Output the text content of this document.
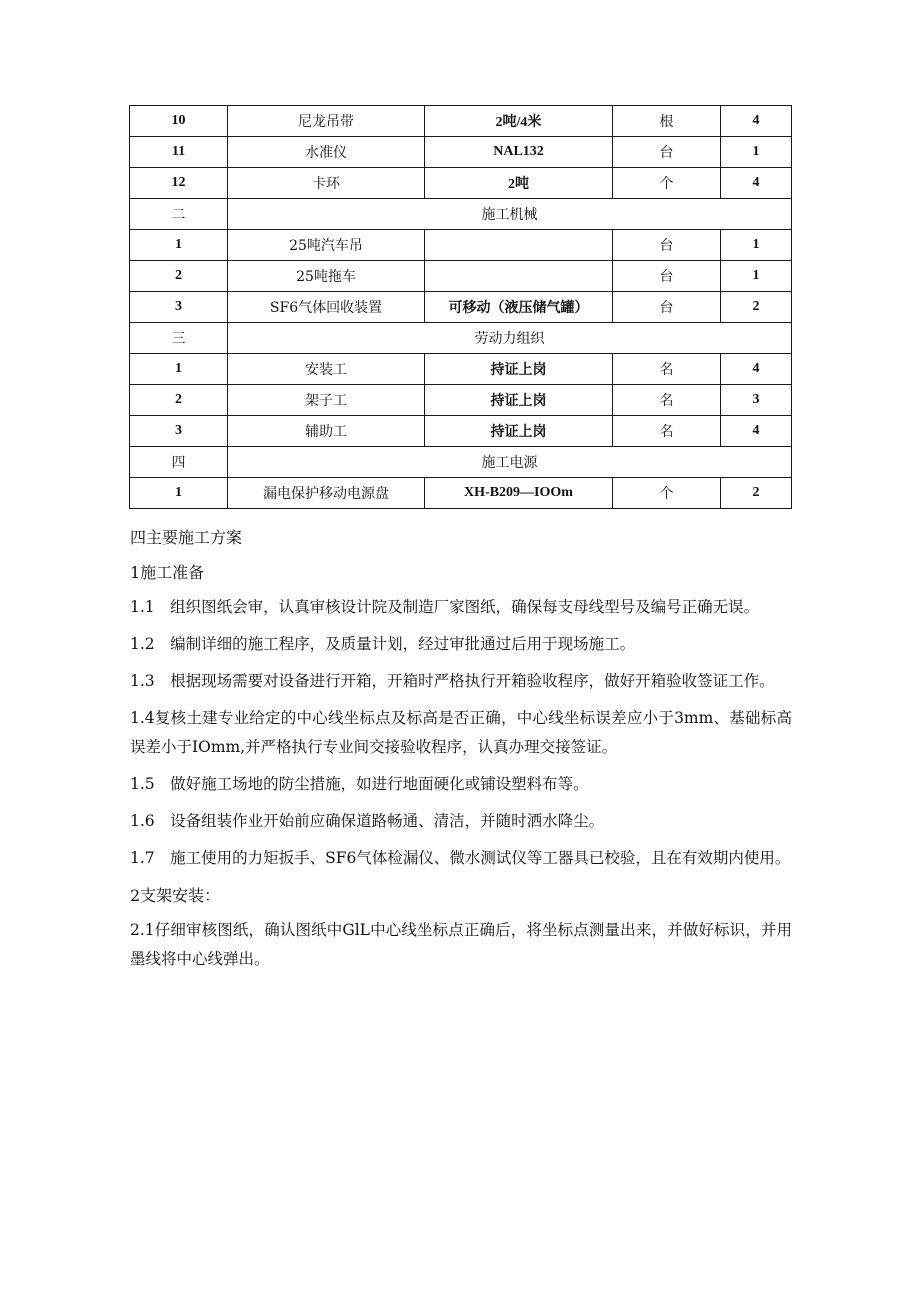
10	尼龙吊带	2吨/4米	根	4
11	水准仪	NAL132	台	1
12	卡环	2吨	个	4
二	施工机械			
1	25吨汽车吊		台	1
2	25吨拖车		台	1
3	SF6气体回收装置	可移动（液压储气罐）	台	2
三	劳动力组织			
1	安装工	持证上岗	名	4
2	架子工	持证上岗	名	3
3	辅助工	持证上岗	名	4
四	施工电源			
1	漏电保护移动电源盘	XH-B209—IOOm	个	2

四主要施工方案

1施工准备

1.1　组织图纸会审，认真审核设计院及制造厂家图纸，确保每支母线型号及编号正确无误。

1.2　编制详细的施工程序，及质量计划，经过审批通过后用于现场施工。

1.3　根据现场需要对设备进行开箱，开箱时严格执行开箱验收程序，做好开箱验收签证工作。

1.4复核土建专业给定的中心线坐标点及标高是否正确，中心线坐标误差应小于3mm、基础标高误差小于IOmm,并严格执行专业间交接验收程序，认真办理交接签证。

1.5　做好施工场地的防尘措施，如进行地面硬化或铺设塑料布等。

1.6　设备组装作业开始前应确保道路畅通、清洁，并随时洒水降尘。

1.7　施工使用的力矩扳手、SF6气体检漏仪、微水测试仪等工器具已校验，且在有效期内使用。

2支架安装：

2.1仔细审核图纸，确认图纸中GlL中心线坐标点正确后，将坐标点测量出来，并做好标识，并用墨线将中心线弹出。
